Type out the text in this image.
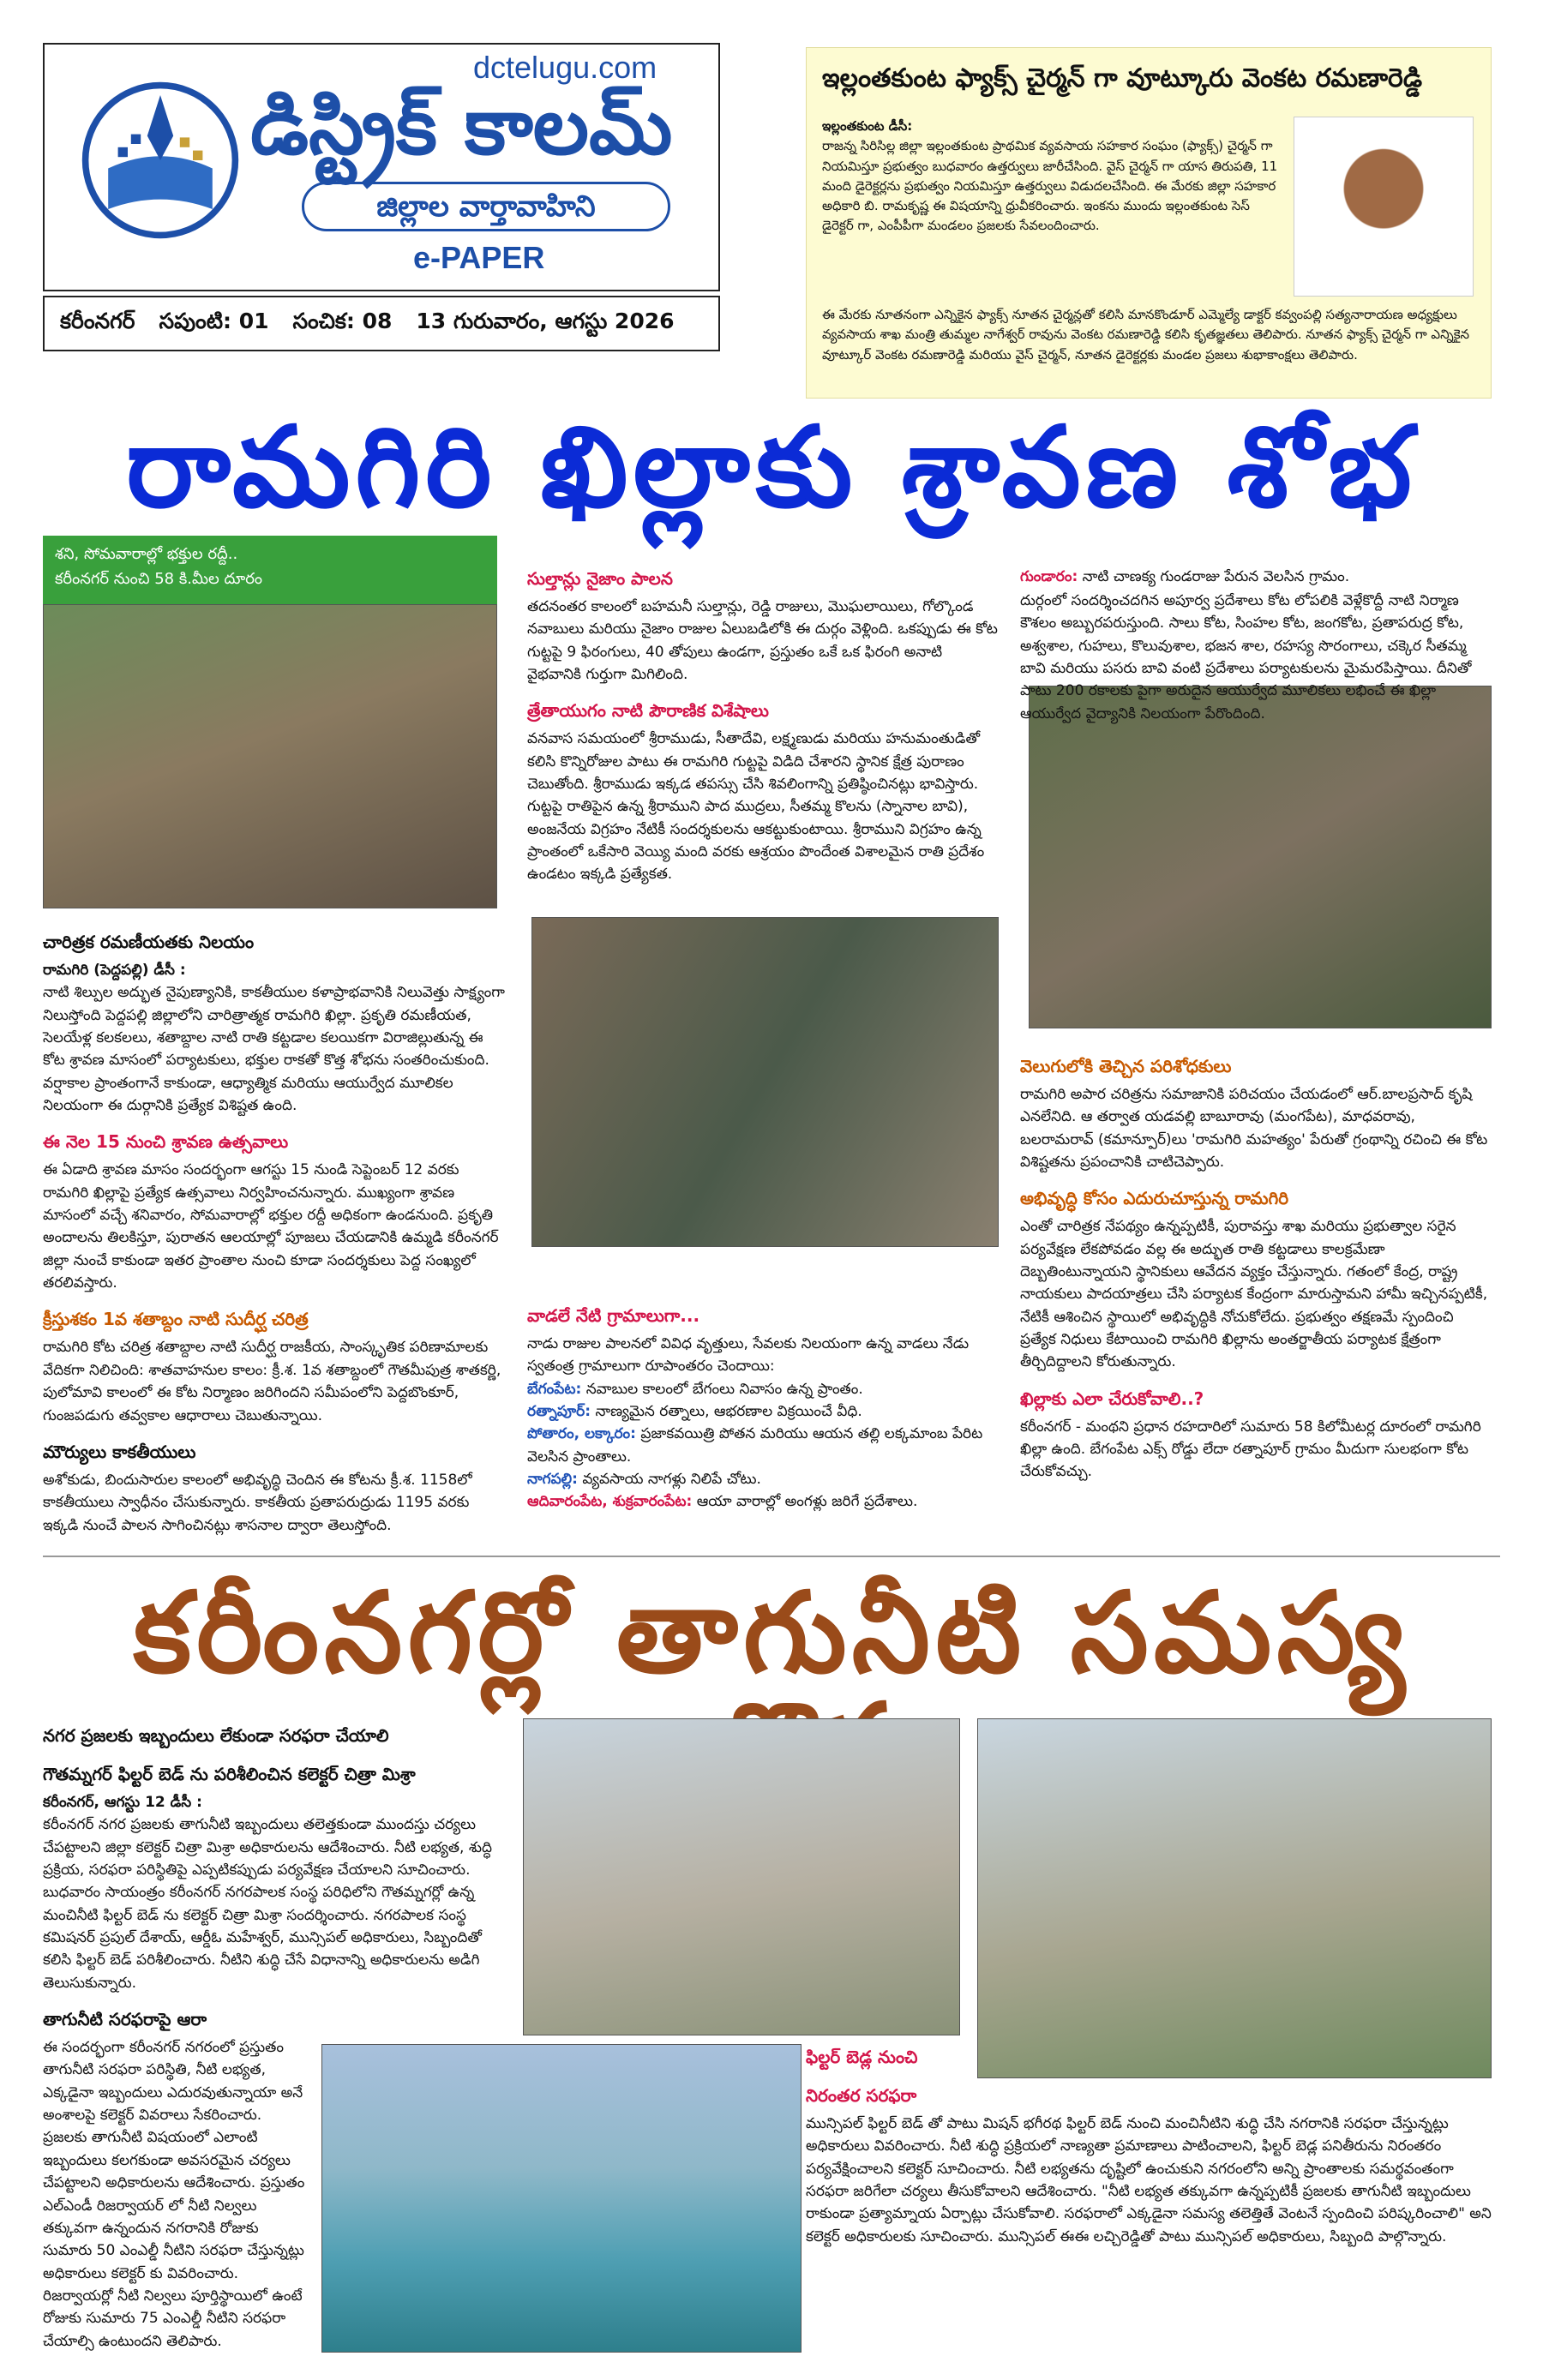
dctelugu.com
డిస్ట్రిక్ కాలమ్
జిల్లాల వార్తావాహిని
e-PAPER
కరీంనగర్ సపుంటి: 01 సంచిక: 08 13 గురువారం, ఆగస్టు 2026
ఇల్లంతకుంట ఫ్యాక్స్ చైర్మన్ గా వూట్కూరు వెంకట రమణారెడ్డి

ఇల్లంతకుంట డీసీ:
రాజన్న సిరిసిల్ల జిల్లా ఇల్లంతకుంట ప్రాథమిక వ్యవసాయ సహకార సంఘం (ఫ్యాక్స్) చైర్మన్ గా నియమిస్తూ ప్రభుత్వం బుధవారం ఉత్తర్వులు జారీచేసింది. వైస్ చైర్మన్ గా యాస తిరుపతి, 11 మంది డైరెక్టర్లను ప్రభుత్వం నియమిస్తూ ఉత్తర్వులు విడుదలచేసింది. ఈ మేరకు జిల్లా సహకార అధికారి బి. రామకృష్ణ ఈ విషయాన్ని ధ్రువీకరించారు. ఇంకను ముందు ఇల్లంతకుంట సెస్ డైరెక్టర్ గా, ఎంపీపీగా మండలం ప్రజలకు సేవలందించారు.

ఈ మేరకు నూతనంగా ఎన్నికైన ఫ్యాక్స్ నూతన చైర్మన్లతో కలిసి మానకొండూర్ ఎమ్మెల్యే డాక్టర్ కవ్వంపల్లి సత్యనారాయణ అధ్యక్షులు వ్యవసాయ శాఖ మంత్రి తుమ్మల నాగేశ్వర్ రావును వెంకట రమణారెడ్డి కలిసి కృతజ్ఞతలు తెలిపారు. నూతన ఫ్యాక్స్ చైర్మన్ గా ఎన్నికైన వూట్కూర్ వెంకట రమణారెడ్డి మరియు వైస్ చైర్మన్, నూతన డైరెక్టర్లకు మండల ప్రజలు శుభాకాంక్షలు తెలిపారు.

రామగిరి ఖిల్లాకు శ్రావణ శోభ
శని, సోమవారాల్లో భక్తుల రద్దీ..
కరీంనగర్ నుంచి 58 కి.మీల దూరం
చారిత్రక రమణీయతకు నిలయం
రామగిరి (పెద్దపల్లి) డీసీ :
నాటి శిల్పుల అద్భుత నైపుణ్యానికి, కాకతీయుల కళాప్రాభవానికి నిలువెత్తు సాక్ష్యంగా నిలుస్తోంది పెద్దపల్లి జిల్లాలోని చారిత్రాత్మక రామగిరి ఖిల్లా. ప్రకృతి రమణీయత, సెలయేళ్ల కలకలలు, శతాబ్దాల నాటి రాతి కట్టడాల కలయికగా విరాజిల్లుతున్న ఈ కోట శ్రావణ మాసంలో పర్యాటకులు, భక్తుల రాకతో కొత్త శోభను సంతరించుకుంది. వర్షాకాల ప్రాంతంగానే కాకుండా, ఆధ్యాత్మిక మరియు ఆయుర్వేద మూలికల నిలయంగా ఈ దుర్గానికి ప్రత్యేక విశిష్టత ఉంది.
ఈ నెల 15 నుంచి శ్రావణ ఉత్సవాలు
ఈ ఏడాది శ్రావణ మాసం సందర్భంగా ఆగస్టు 15 నుండి సెప్టెంబర్ 12 వరకు రామగిరి ఖిల్లాపై ప్రత్యేక ఉత్సవాలు నిర్వహించనున్నారు. ముఖ్యంగా శ్రావణ మాసంలో వచ్చే శనివారం, సోమవారాల్లో భక్తుల రద్దీ అధికంగా ఉండనుంది. ప్రకృతి అందాలను తిలకిస్తూ, పురాతన ఆలయాల్లో పూజలు చేయడానికి ఉమ్మడి కరీంనగర్ జిల్లా నుంచే కాకుండా ఇతర ప్రాంతాల నుంచి కూడా సందర్శకులు పెద్ద సంఖ్యలో తరలివస్తారు.
క్రీస్తుశకం 1వ శతాబ్దం నాటి సుదీర్ఘ చరిత్ర
రామగిరి కోట చరిత్ర శతాబ్దాల నాటి సుదీర్ఘ రాజకీయ, సాంస్కృతిక పరిణామాలకు వేదికగా నిలిచింది: శాతవాహనుల కాలం: క్రీ.శ. 1వ శతాబ్దంలో గౌతమీపుత్ర శాతకర్ణి, పులోమావి కాలంలో ఈ కోట నిర్మాణం జరిగిందని సమీపంలోని పెద్దబొంకూర్, గుంజపడుగు తవ్వకాల ఆధారాలు చెబుతున్నాయి.
మౌర్యులు కాకతీయులు
అశోకుడు, బిందుసారుల కాలంలో అభివృద్ధి చెందిన ఈ కోటను క్రీ.శ. 1158లో కాకతీయులు స్వాధీనం చేసుకున్నారు. కాకతీయ ప్రతాపరుద్రుడు 1195 వరకు ఇక్కడి నుంచే పాలన సాగించినట్లు శాసనాల ద్వారా తెలుస్తోంది.
సుల్తాన్లు నైజాం పాలన
తదనంతర కాలంలో బహమనీ సుల్తాన్లు, రెడ్డి రాజులు, మొఘలాయిలు, గోల్కొండ నవాబులు మరియు నైజాం రాజుల ఏలుబడిలోకి ఈ దుర్గం వెళ్లింది. ఒకప్పుడు ఈ కోట గుట్టపై 9 ఫిరంగులు, 40 తోపులు ఉండగా, ప్రస్తుతం ఒకే ఒక ఫిరంగి అనాటి వైభవానికి గుర్తుగా మిగిలింది.
త్రేతాయుగం నాటి పౌరాణిక విశేషాలు
వనవాస సమయంలో శ్రీరాముడు, సీతాదేవి, లక్ష్మణుడు మరియు హనుమంతుడితో కలిసి కొన్నిరోజుల పాటు ఈ రామగిరి గుట్టపై విడిది చేశారని స్థానిక క్షేత్ర పురాణం చెబుతోంది. శ్రీరాముడు ఇక్కడ తపస్సు చేసి శివలింగాన్ని ప్రతిష్ఠించినట్లు భావిస్తారు. గుట్టపై రాతిపైన ఉన్న శ్రీరాముని పాద ముద్రలు, సీతమ్మ కొలను (స్నానాల బావి), అంజనేయ విగ్రహం నేటికీ సందర్శకులను ఆకట్టుకుంటాయి. శ్రీరాముని విగ్రహం ఉన్న ప్రాంతంలో ఒకేసారి వెయ్యి మంది వరకు ఆశ్రయం పొందేంత విశాలమైన రాతి ప్రదేశం ఉండటం ఇక్కడి ప్రత్యేకత.
వాడలే నేటి గ్రామాలుగా...
నాడు రాజుల పాలనలో వివిధ వృత్తులు, సేవలకు నిలయంగా ఉన్న వాడలు నేడు స్వతంత్ర గ్రామాలుగా రూపాంతరం చెందాయి:
బేగంపేట: నవాబుల కాలంలో బేగంలు నివాసం ఉన్న ప్రాంతం.
రత్నాపూర్: నాణ్యమైన రత్నాలు, ఆభరణాల విక్రయించే వీధి.
పోతారం, లక్కారం: ప్రజాకవయిత్రి పోతన మరియు ఆయన తల్లి లక్కమాంబ పేరిట వెలసిన ప్రాంతాలు.
నాగపల్లి: వ్యవసాయ నాగళ్లు నిలిపే చోటు.
ఆదివారంపేట, శుక్రవారంపేట: ఆయా వారాల్లో అంగళ్లు జరిగే ప్రదేశాలు.
గుండారం: నాటి చాణక్య గుండరాజు పేరున వెలసిన గ్రామం.
దుర్గంలో సందర్శించదగిన అపూర్వ ప్రదేశాలు కోట లోపలికి వెళ్లేకొద్దీ నాటి నిర్మాణ కౌశలం అబ్బురపరుస్తుంది. సాలు కోట, సింహల కోట, జంగకోట, ప్రతాపరుద్ర కోట, అశ్వశాల, గుహలు, కొలువుశాల, భజన శాల, రహస్య సొరంగాలు, చక్కెర సీతమ్మ బావి మరియు పసరు బావి వంటి ప్రదేశాలు పర్యాటకులను మైమరపిస్తాయి. దీనితో పాటు 200 రకాలకు పైగా అరుదైన ఆయుర్వేద మూలికలు లభించే ఈ ఖిల్లా ఆయుర్వేద వైద్యానికి నిలయంగా పేరొందింది.
వెలుగులోకి తెచ్చిన పరిశోధకులు
రామగిరి అపార చరిత్రను సమాజానికి పరిచయం చేయడంలో ఆర్.బాలప్రసాద్ కృషి ఎనలేనిది. ఆ తర్వాత యడవల్లి బాబూరావు (మంగపేట), మాధవరావు, బలరామరావ్ (కమాన్పూర్)లు 'రామగిరి మహత్యం' పేరుతో గ్రంథాన్ని రచించి ఈ కోట విశిష్టతను ప్రపంచానికి చాటిచెప్పారు.
అభివృద్ధి కోసం ఎదురుచూస్తున్న రామగిరి
ఎంతో చారిత్రక నేపథ్యం ఉన్నప్పటికీ, పురావస్తు శాఖ మరియు ప్రభుత్వాల సరైన పర్యవేక్షణ లేకపోవడం వల్ల ఈ అద్భుత రాతి కట్టడాలు కాలక్రమేణా దెబ్బతింటున్నాయని స్థానికులు ఆవేదన వ్యక్తం చేస్తున్నారు. గతంలో కేంద్ర, రాష్ట్ర నాయకులు పాదయాత్రలు చేసి పర్యాటక కేంద్రంగా మారుస్తామని హామీ ఇచ్చినప్పటికీ, నేటికీ ఆశించిన స్థాయిలో అభివృద్ధికి నోచుకోలేదు. ప్రభుత్వం తక్షణమే స్పందించి ప్రత్యేక నిధులు కేటాయించి రామగిరి ఖిల్లాను అంతర్జాతీయ పర్యాటక క్షేత్రంగా తీర్చిదిద్దాలని కోరుతున్నారు.
ఖిల్లాకు ఎలా చేరుకోవాలి..?
కరీంనగర్ - మంథని ప్రధాన రహదారిలో సుమారు 58 కిలోమీటర్ల దూరంలో రామగిరి ఖిల్లా ఉంది. బేగంపేట ఎక్స్ రోడ్డు లేదా రత్నాపూర్ గ్రామం మీదుగా సులభంగా కోట చేరుకోవచ్చు.
కరీంనగర్లో తాగునీటి సమస్య
నగర ప్రజలకు ఇబ్బందులు లేకుండా సరఫరా చేయాలి
గౌతమ్నగర్ ఫిల్టర్ బెడ్ ను పరిశీలించిన కలెక్టర్ చిత్రా మిశ్రా
కరీంనగర్, ఆగస్టు 12 డీసీ :
కరీంనగర్ నగర ప్రజలకు తాగునీటి ఇబ్బందులు తలెత్తకుండా ముందస్తు చర్యలు చేపట్టాలని జిల్లా కలెక్టర్ చిత్రా మిశ్రా అధికారులను ఆదేశించారు. నీటి లభ్యత, శుద్ధి ప్రక్రియ, సరఫరా పరిస్థితిపై ఎప్పటికప్పుడు పర్యవేక్షణ చేయాలని సూచించారు. బుధవారం సాయంత్రం కరీంనగర్ నగరపాలక సంస్థ పరిధిలోని గౌతమ్నగర్లో ఉన్న మంచినీటి ఫిల్టర్ బెడ్ ను కలెక్టర్ చిత్రా మిశ్రా సందర్శించారు. నగరపాలక సంస్థ కమిషనర్ ప్రపుల్ దేశాయ్, ఆర్డీఓ మహేశ్వర్, మున్సిపల్ అధికారులు, సిబ్బందితో కలిసి ఫిల్టర్ బెడ్ పరిశీలించారు. నీటిని శుద్ధి చేసే విధానాన్ని అధికారులను అడిగి తెలుసుకున్నారు.
తాగునీటి సరఫరాపై ఆరా
ఈ సందర్భంగా కరీంనగర్ నగరంలో ప్రస్తుతం తాగునీటి సరఫరా పరిస్థితి, నీటి లభ్యత, ఎక్కడైనా ఇబ్బందులు ఎదురవుతున్నాయా అనే అంశాలపై కలెక్టర్ వివరాలు సేకరించారు. ప్రజలకు తాగునీటి విషయంలో ఎలాంటి ఇబ్బందులు కలగకుండా అవసరమైన చర్యలు చేపట్టాలని అధికారులను ఆదేశించారు. ప్రస్తుతం ఎల్ఎండీ రిజర్వాయర్ లో నీటి నిల్వలు తక్కువగా ఉన్నందున నగరానికి రోజుకు సుమారు 50 ఎంఎల్డీ నీటిని సరఫరా చేస్తున్నట్లు అధికారులు కలెక్టర్ కు వివరించారు. రిజర్వాయర్లో నీటి నిల్వలు పూర్తిస్థాయిలో ఉంటే రోజుకు సుమారు 75 ఎంఎల్డీ నీటిని సరఫరా చేయాల్సి ఉంటుందని తెలిపారు.
ఫిల్టర్ బెడ్ల నుంచి
నిరంతర సరఫరా
మున్సిపల్ ఫిల్టర్ బెడ్ తో పాటు మిషన్ భగీరథ ఫిల్టర్ బెడ్ నుంచి మంచినీటిని శుద్ధి చేసి నగరానికి సరఫరా చేస్తున్నట్లు అధికారులు వివరించారు. నీటి శుద్ధి ప్రక్రియలో నాణ్యతా ప్రమాణాలు పాటించాలని, ఫిల్టర్ బెడ్ల పనితీరును నిరంతరం పర్యవేక్షించాలని కలెక్టర్ సూచించారు. నీటి లభ్యతను దృష్టిలో ఉంచుకుని నగరంలోని అన్ని ప్రాంతాలకు సమర్థవంతంగా సరఫరా జరిగేలా చర్యలు తీసుకోవాలని ఆదేశించారు. "నీటి లభ్యత తక్కువగా ఉన్నప్పటికీ ప్రజలకు తాగునీటి ఇబ్బందులు రాకుండా ప్రత్యామ్నాయ ఏర్పాట్లు చేసుకోవాలి. సరఫరాలో ఎక్కడైనా సమస్య తలెత్తితే వెంటనే స్పందించి పరిష్కరించాలి" అని కలెక్టర్ అధికారులకు సూచించారు. మున్సిపల్ ఈఈ లచ్చిరెడ్డితో పాటు మున్సిపల్ అధికారులు, సిబ్బంది పాల్గొన్నారు.
